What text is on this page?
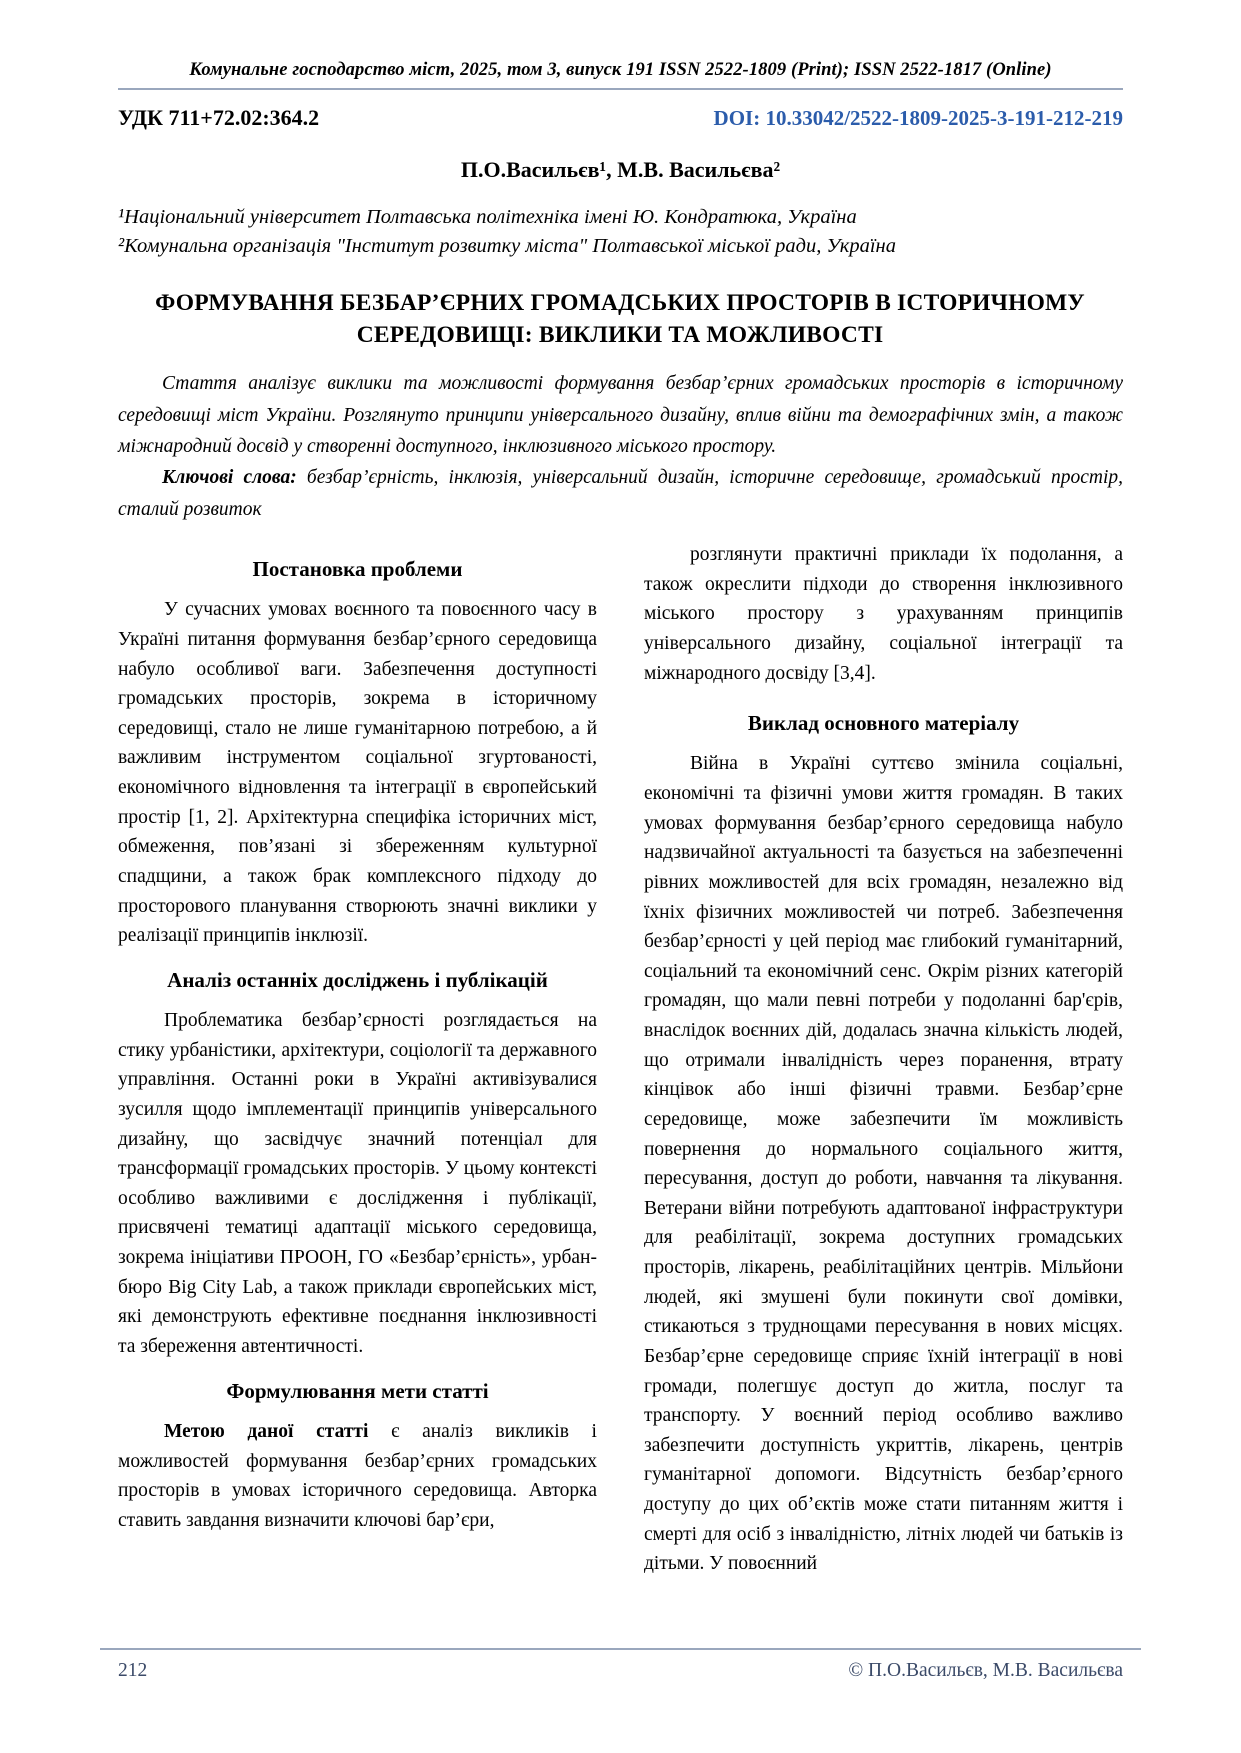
Комунальне господарство міст, 2025, том 3, випуск 191 ISSN 2522-1809 (Print); ISSN 2522-1817 (Online)
УДК 711+72.02:364.2	DOI: 10.33042/2522-1809-2025-3-191-212-219
П.О.Васильєв¹, М.В. Васильєва²
¹Національний університет Полтавська політехніка імені Ю. Кондратюка, Україна
²Комунальна організація "Інститут розвитку міста" Полтавської міської ради, Україна
ФОРМУВАННЯ БЕЗБАР’ЄРНИХ ГРОМАДСЬКИХ ПРОСТОРІВ В ІСТОРИЧНОМУ СЕРЕДОВИЩІ: ВИКЛИКИ ТА МОЖЛИВОСТІ
Стаття аналізує виклики та можливості формування безбар’єрних громадських просторів в історичному середовищі міст України. Розглянуто принципи універсального дизайну, вплив війни та демографічних змін, а також міжнародний досвід у створенні доступного, інклюзивного міського простору.
Ключові слова: безбар’єрність, інклюзія, універсальний дизайн, історичне середовище, громадський простір, сталий розвиток
Постановка проблеми

У сучасних умовах воєнного та повоєнного часу в Україні питання формування безбар’єрного середовища набуло особливої ваги. Забезпечення доступності громадських просторів, зокрема в історичному середовищі, стало не лише гуманітарною потребою, а й важливим інструментом соціальної згуртованості, економічного відновлення та інтеграції в європейський простір [1, 2]. Архітектурна специфіка історичних міст, обмеження, пов’язані зі збереженням культурної спадщини, а також брак комплексного підходу до просторового планування створюють значні виклики у реалізації принципів інклюзії.

Аналіз останніх досліджень і публікацій

Проблематика безбар’єрності розглядається на стику урбаністики, архітектури, соціології та державного управління. Останні роки в Україні активізувалися зусилля щодо імплементації принципів універсального дизайну, що засвідчує значний потенціал для трансформації громадських просторів. У цьому контексті особливо важливими є дослідження і публікації, присвячені тематиці адаптації міського середовища, зокрема ініціативи ПРООН, ГО «Безбар’єрність», урбан-бюро Big City Lab, а також приклади європейських міст, які демонструють ефективне поєднання інклюзивності та збереження автентичності.

Формулювання мети статті

Метою даної статті є аналіз викликів і можливостей формування безбар’єрних громадських просторів в умовах історичного середовища. Авторка ставить завдання визначити ключові бар’єри,

розглянути практичні приклади їх подолання, а також окреслити підходи до створення інклюзивного міського простору з урахуванням принципів універсального дизайну, соціальної інтеграції та міжнародного досвіду [3,4].

Виклад основного матеріалу

Війна в Україні суттєво змінила соціальні, економічні та фізичні умови життя громадян. В таких умовах формування безбар’єрного середовища набуло надзвичайної актуальності та базується на забезпеченні рівних можливостей для всіх громадян, незалежно від їхніх фізичних можливостей чи потреб. Забезпечення безбар’єрності у цей період має глибокий гуманітарний, соціальний та економічний сенс. Окрім різних категорій громадян, що мали певні потреби у подоланні бар'єрів, внаслідок воєнних дій, додалась значна кількість людей, що отримали інвалідність через поранення, втрату кінцівок або інші фізичні травми. Безбар’єрне середовище, може забезпечити їм можливість повернення до нормального соціального життя, пересування, доступ до роботи, навчання та лікування. Ветерани війни потребують адаптованої інфраструктури для реабілітації, зокрема доступних громадських просторів, лікарень, реабілітаційних центрів. Мільйони людей, які змушені були покинути свої домівки, стикаються з труднощами пересування в нових місцях. Безбар’єрне середовище сприяє їхній інтеграції в нові громади, полегшує доступ до житла, послуг та транспорту. У воєнний період особливо важливо забезпечити доступність укриттів, лікарень, центрів гуманітарної допомоги. Відсутність безбар’єрного доступу до цих об’єктів може стати питанням життя і смерті для осіб з інвалідністю, літніх людей чи батьків із дітьми. У повоєнний

212	© П.О.Васильєв, М.В. Васильєва
